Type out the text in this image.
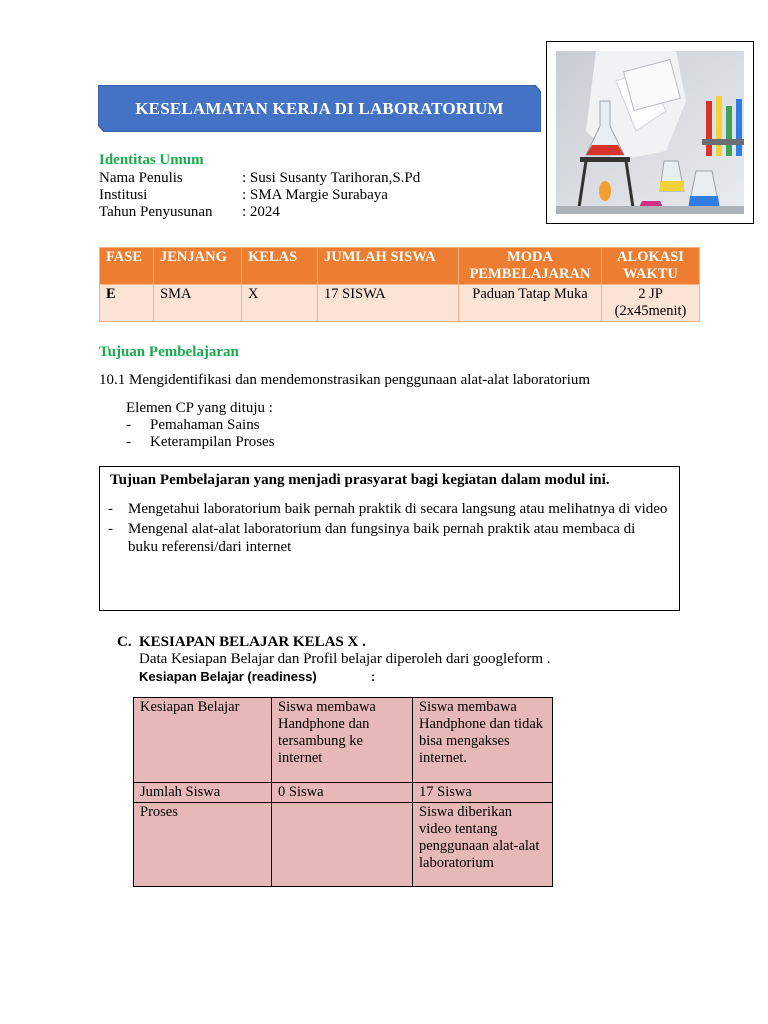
KESELAMATAN KERJA DI LABORATORIUM
Identitas Umum
Nama Penulis	: Susi Susanty Tarihoran,S.Pd
Institusi	: SMA Margie Surabaya
Tahun Penyusunan : 2024
FASE	JENJANG	KELAS	JUMLAH SISWA	MODA PEMBELAJARAN	ALOKASI WAKTU
E	SMA	X	17 SISWA	Paduan Tatap Muka	2 JP (2x45menit)
Tujuan Pembelajaran
10.1 Mengidentifikasi dan mendemonstrasikan penggunaan alat-alat laboratorium
Elemen CP yang dituju :
- Pemahaman Sains
- Keterampilan Proses
Tujuan Pembelajaran yang menjadi prasyarat bagi kegiatan dalam modul ini.
- Mengetahui laboratorium baik pernah praktik di secara langsung atau melihatnya di video
- Mengenal alat-alat laboratorium dan fungsinya baik pernah praktik atau membaca di buku referensi/dari internet
C. KESIAPAN BELAJAR KELAS X .
Data Kesiapan Belajar dan Profil belajar diperoleh dari googleform .
Kesiapan Belajar (readiness)	:
Kesiapan Belajar	Siswa membawa Handphone dan tersambung ke internet	Siswa membawa Handphone dan tidak bisa mengakses internet.
Jumlah Siswa	0 Siswa	17 Siswa
Proses		Siswa diberikan video tentang penggunaan alat-alat laboratorium
